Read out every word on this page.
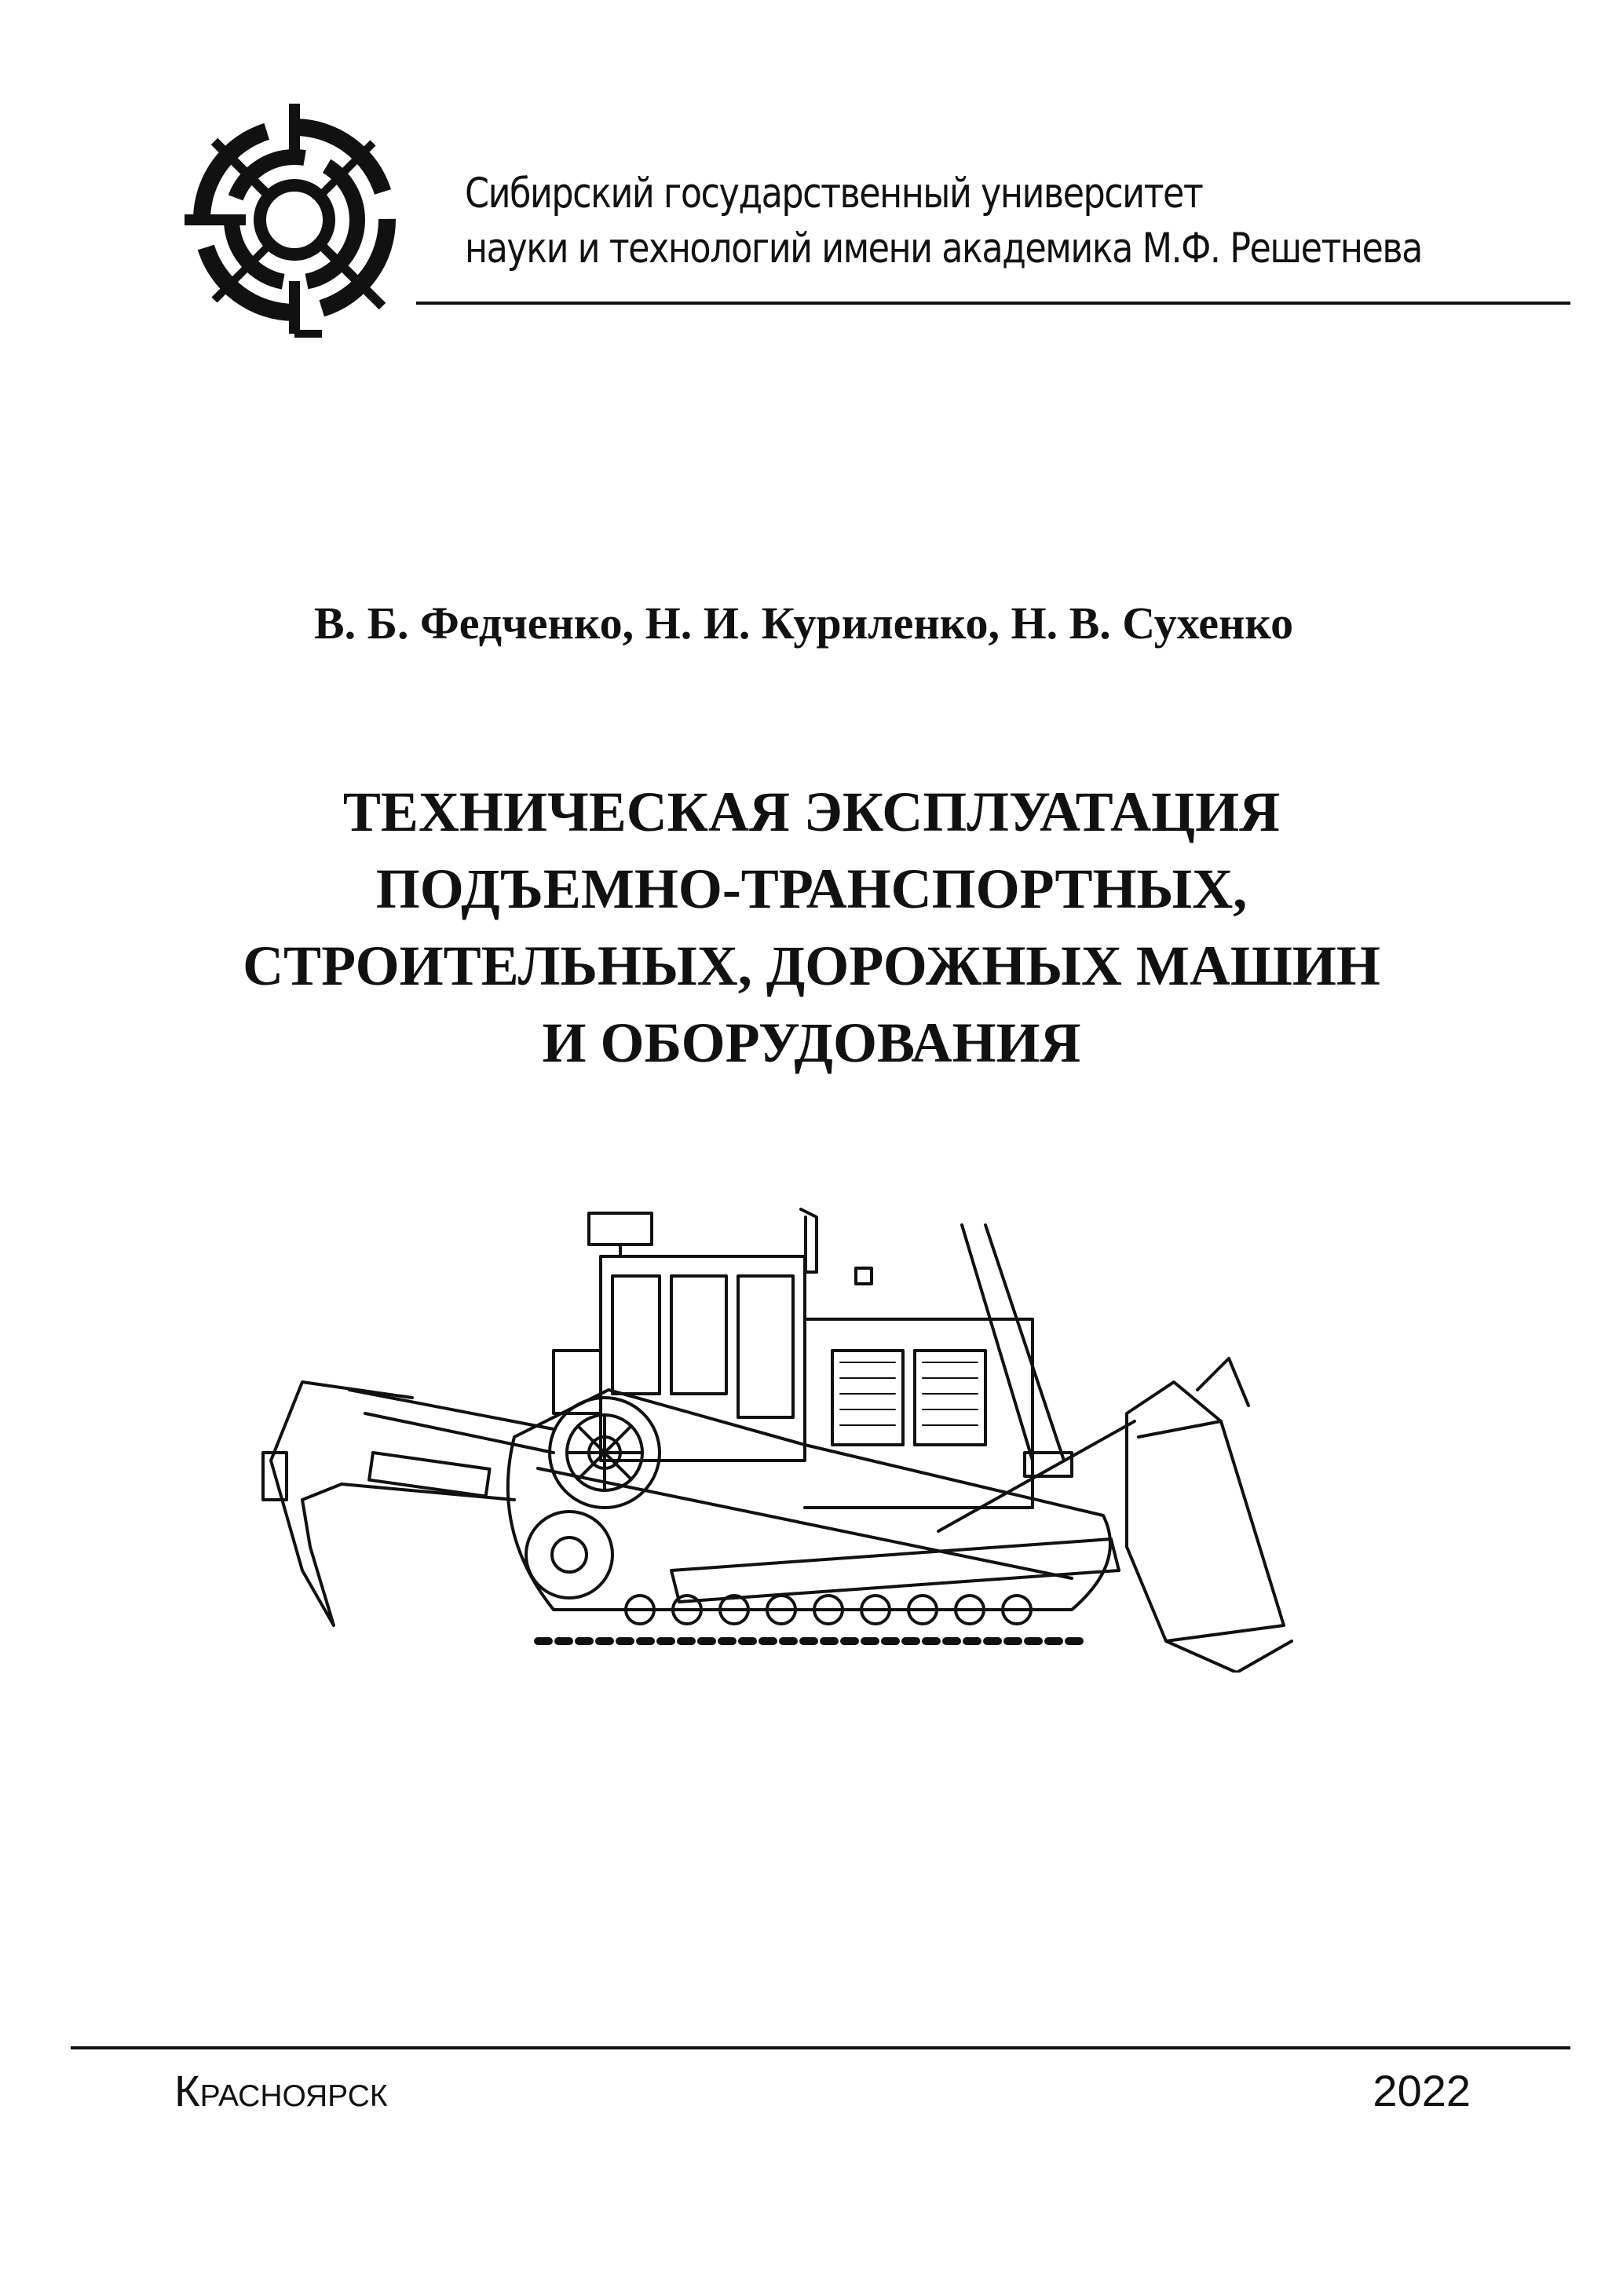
Сибирский государственный университет
науки и технологий имени академика М.Ф. Решетнева
В. Б. Федченко, Н. И. Куриленко, Н. В. Сухенко
ТЕХНИЧЕСКАЯ ЭКСПЛУАТАЦИЯ
ПОДЪЕМНО-ТРАНСПОРТНЫХ,
СТРОИТЕЛЬНЫХ, ДОРОЖНЫХ МАШИН
И ОБОРУДОВАНИЯ
Красноярск	2022
